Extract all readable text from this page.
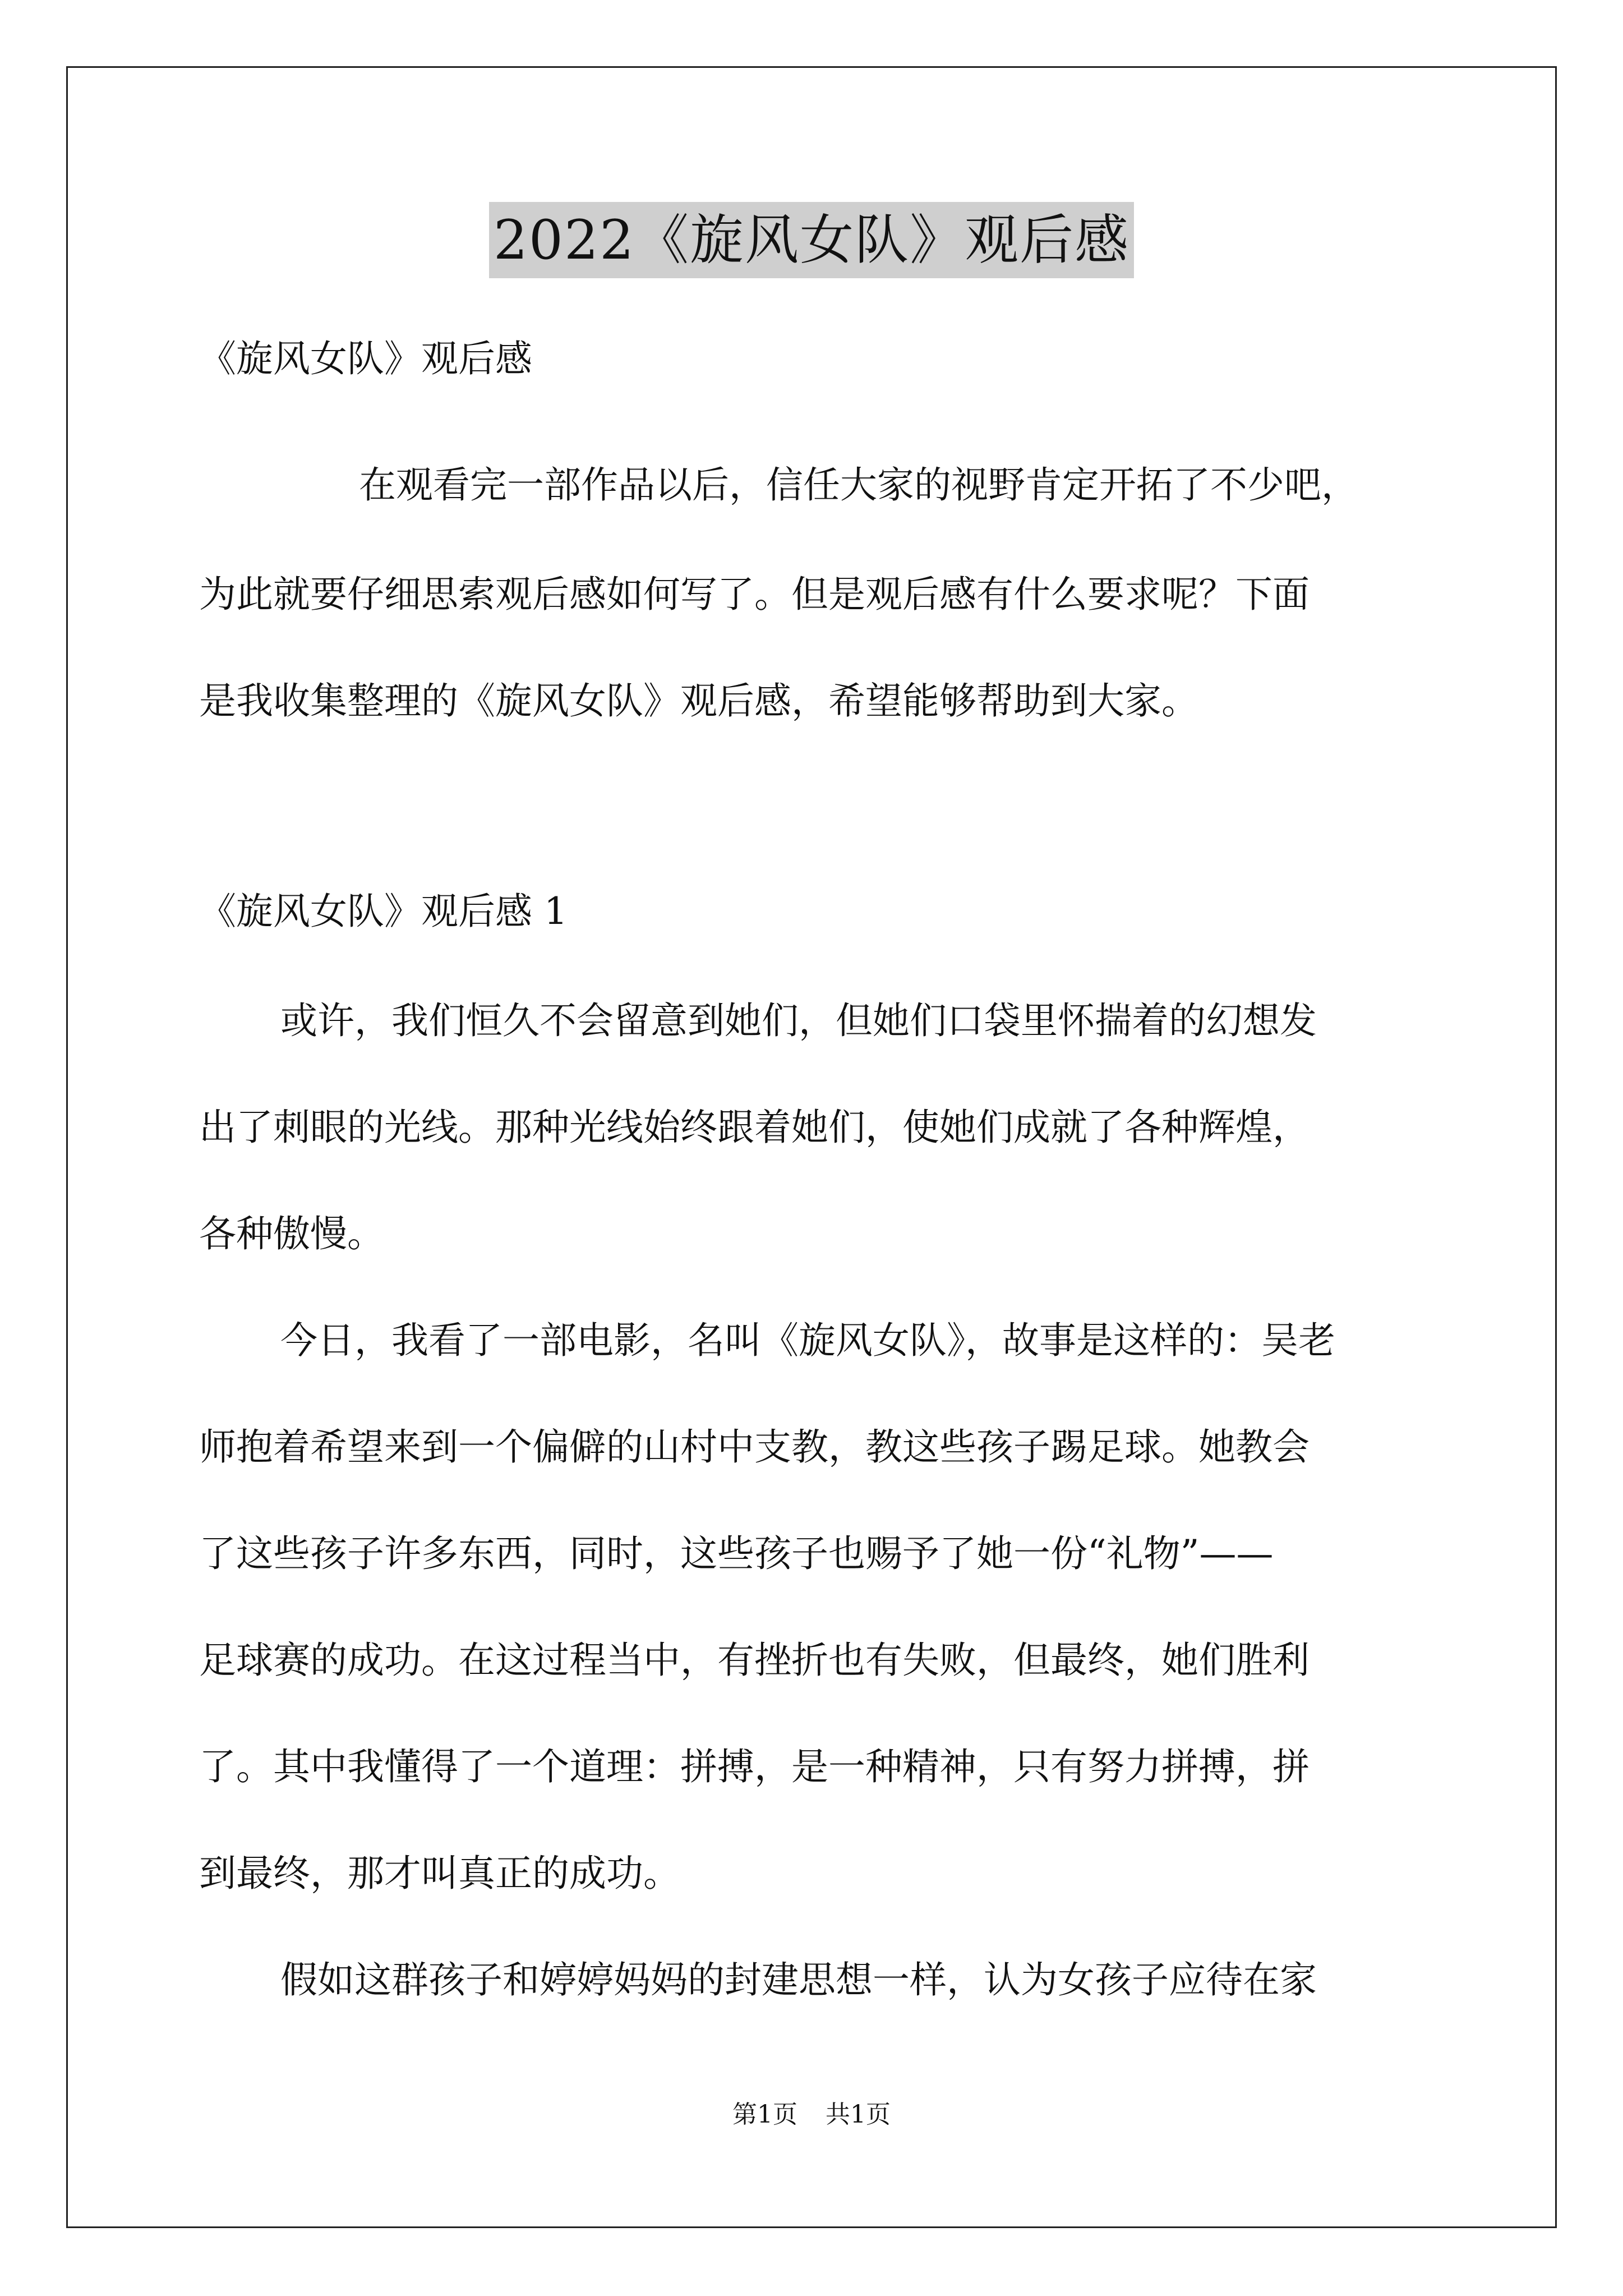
2022《旋风女队》观后感
《旋风女队》观后感
在观看完一部作品以后，信任大家的视野肯定开拓了不少吧，
为此就要仔细思索观后感如何写了。但是观后感有什么要求呢？下面
是我收集整理的《旋风女队》观后感，希望能够帮助到大家。
《旋风女队》观后感 1
或许，我们恒久不会留意到她们，但她们口袋里怀揣着的幻想发
出了刺眼的光线。那种光线始终跟着她们，使她们成就了各种辉煌，
各种傲慢。
今日，我看了一部电影，名叫《旋风女队》，故事是这样的：吴老
师抱着希望来到一个偏僻的山村中支教，教这些孩子踢足球。她教会
了这些孩子许多东西，同时，这些孩子也赐予了她一份“礼物”——
足球赛的成功。在这过程当中，有挫折也有失败，但最终，她们胜利
了。其中我懂得了一个道理：拼搏，是一种精神，只有努力拼搏，拼
到最终，那才叫真正的成功。
假如这群孩子和婷婷妈妈的封建思想一样，认为女孩子应待在家
第1页 共1页
